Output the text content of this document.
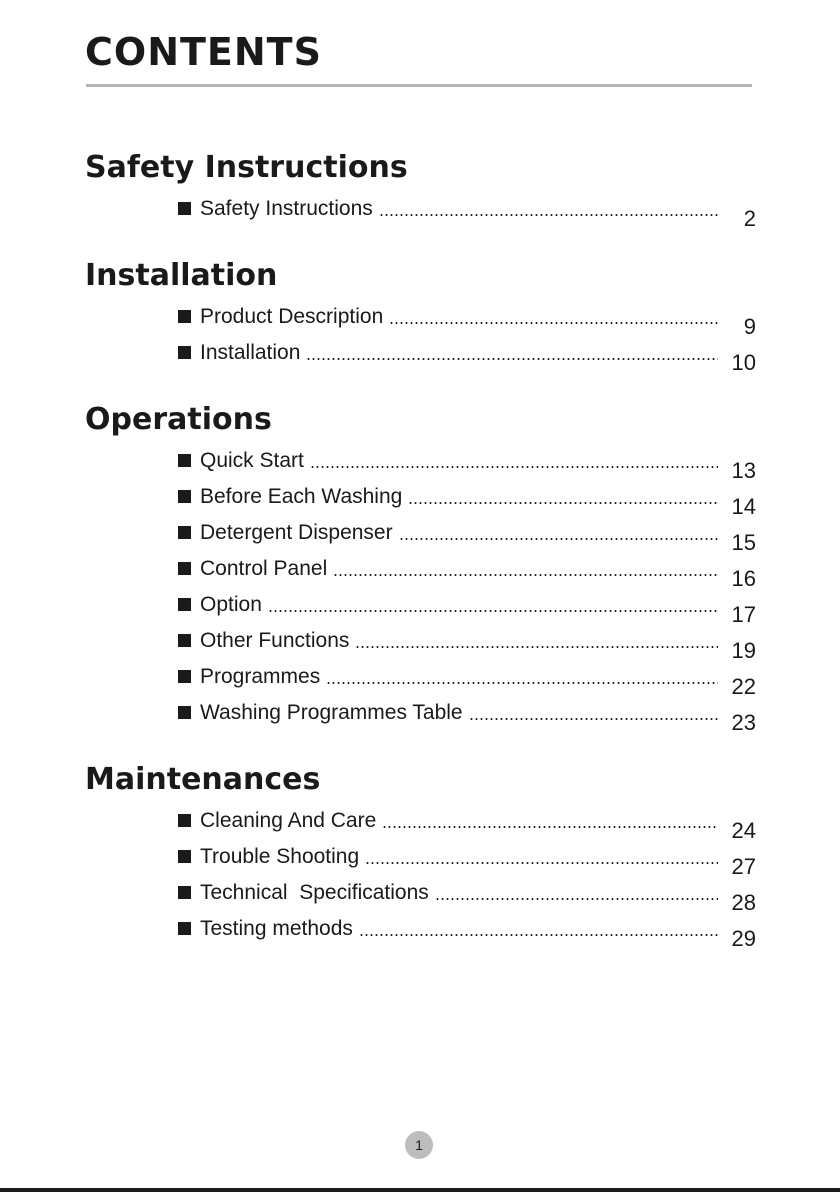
CONTENTS
Safety Instructions
Safety Instructions	2
Installation
Product Description	9
Installation	10
Operations
Quick Start	13
Before Each Washing	14
Detergent Dispenser	15
Control Panel	16
Option	17
Other Functions	19
Programmes	22
Washing Programmes Table	23
Maintenances
Cleaning And Care	24
Trouble Shooting	27
Technical  Specifications	28
Testing methods	29
1
